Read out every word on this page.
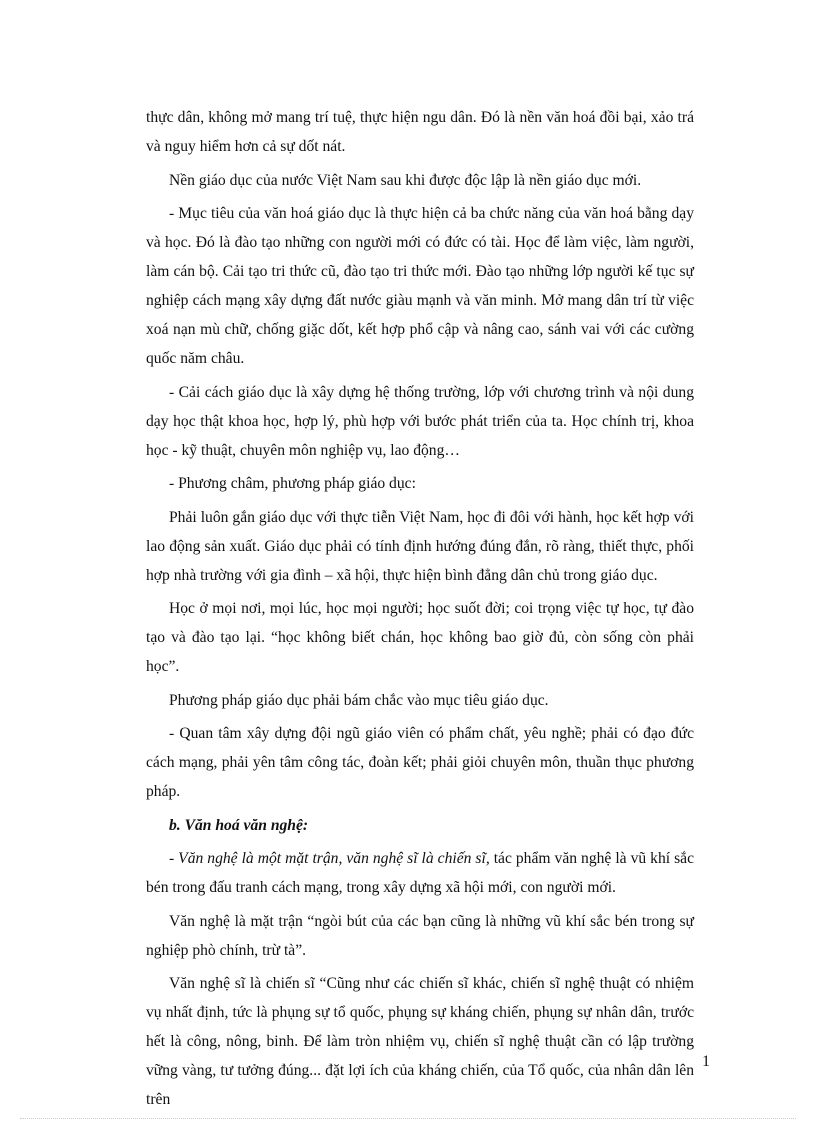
thực dân, không mở mang trí tuệ, thực hiện ngu dân. Đó là nền văn hoá đồi bại, xảo trá và nguy hiểm hơn cả sự dốt nát.

Nền giáo dục của nước Việt Nam sau khi được độc lập là nền giáo dục mới.

- Mục tiêu của văn hoá giáo dục là thực hiện cả ba chức năng của văn hoá bằng dạy và học. Đó là đào tạo những con người mới có đức có tài. Học để làm việc, làm người, làm cán bộ. Cải tạo tri thức cũ, đào tạo tri thức mới. Đào tạo những lớp người kế tục sự nghiệp cách mạng xây dựng đất nước giàu mạnh và văn minh. Mở mang dân trí từ việc xoá nạn mù chữ, chống giặc dốt, kết hợp phổ cập và nâng cao, sánh vai với các cường quốc năm châu.

- Cải cách giáo dục là xây dựng hệ thống trường, lớp với chương trình và nội dung dạy học thật khoa học, hợp lý, phù hợp với bước phát triển của ta. Học chính trị, khoa học - kỹ thuật, chuyên môn nghiệp vụ, lao động…

- Phương châm, phương pháp giáo dục:

Phải luôn gắn giáo dục với thực tiễn Việt Nam, học đi đôi với hành, học kết hợp với lao động sản xuất. Giáo dục phải có tính định hướng đúng đắn, rõ ràng, thiết thực, phối hợp nhà trường với gia đình – xã hội, thực hiện bình đẳng dân chủ trong giáo dục.

Học ở mọi nơi, mọi lúc, học mọi người; học suốt đời; coi trọng việc tự học, tự đào tạo và đào tạo lại. “học không biết chán, học không bao giờ đủ, còn sống còn phải học”.

Phương pháp giáo dục phải bám chắc vào mục tiêu giáo dục.

- Quan tâm xây dựng đội ngũ giáo viên có phẩm chất, yêu nghề; phải có đạo đức cách mạng, phải yên tâm công tác, đoàn kết; phải giỏi chuyên môn, thuần thục phương pháp.

b. Văn hoá văn nghệ:

- Văn nghệ là một mặt trận, văn nghệ sĩ là chiến sĩ, tác phẩm văn nghệ là vũ khí sắc bén trong đấu tranh cách mạng, trong xây dựng xã hội mới, con người mới.

Văn nghệ là mặt trận “ngòi bút của các bạn cũng là những vũ khí sắc bén trong sự nghiệp phò chính, trừ tà”.

Văn nghệ sĩ là chiến sĩ “Cũng như các chiến sĩ khác, chiến sĩ nghệ thuật có nhiệm vụ nhất định, tức là phụng sự tổ quốc, phụng sự kháng chiến, phụng sự nhân dân, trước hết là công, nông, binh. Để làm tròn nhiệm vụ, chiến sĩ nghệ thuật cần có lập trường vững vàng, tư tưởng đúng... đặt lợi ích của kháng chiến, của Tổ quốc, của nhân dân lên trên

1
